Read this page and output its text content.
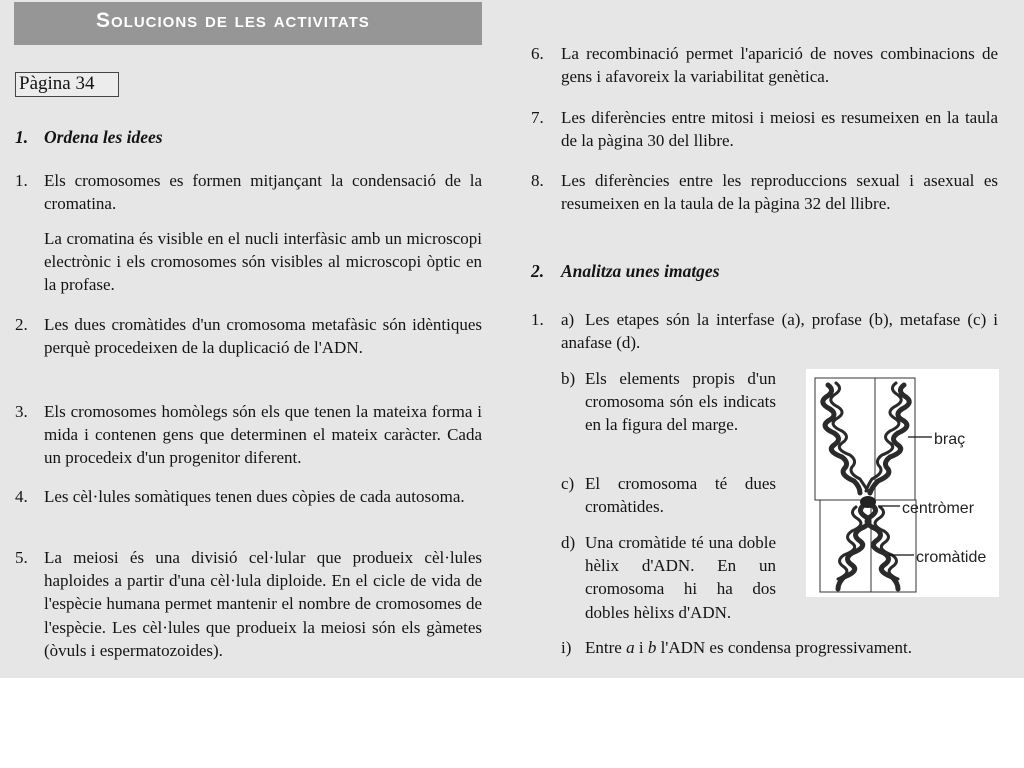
Solucions de les activitats
Pàgina 34
1. Ordena les idees
1. Els cromosomes es formen mitjançant la condensació de la cromatina.
La cromatina és visible en el nucli interfàsic amb un microscopi electrònic i els cromosomes són visibles al microscopi òptic en la profase.
2. Les dues cromàtides d'un cromosoma metafàsic són idèntiques perquè procedeixen de la duplicació de l'ADN.
3. Els cromosomes homòlegs són els que tenen la mateixa forma i mida i contenen gens que determinen el mateix caràcter. Cada un procedeix d'un progenitor diferent.
4. Les cèl·lules somàtiques tenen dues còpies de cada autosoma.
5. La meiosi és una divisió cel·lular que produeix cèl·lules haploides a partir d'una cèl·lula diploide. En el cicle de vida de l'espècie humana permet mantenir el nombre de cromosomes de l'espècie. Les cèl·lules que produeix la meiosi són els gàmetes (òvuls i espermatozoides).
6. La recombinació permet l'aparició de noves combinacions de gens i afavoreix la variabilitat genètica.
7. Les diferències entre mitosi i meiosi es resumeixen en la taula de la pàgina 30 del llibre.
8. Les diferències entre les reproduccions sexual i asexual es resumeixen en la taula de la pàgina 32 del llibre.
2. Analitza unes imatges
1. a) Les etapes són la interfase (a), profase (b), metafase (c) i anafase (d).
b) Els elements propis d'un cromosoma són els indicats en la figura del marge.
c) El cromosoma té dues cromàtides.
d) Una cromàtide té una doble hèlix d'ADN. En un cromosoma hi ha dos dobles hèlixs d'ADN.
i) Entre a i b l'ADN es condensa progressivament.
braç
centròmer
cromàtide
